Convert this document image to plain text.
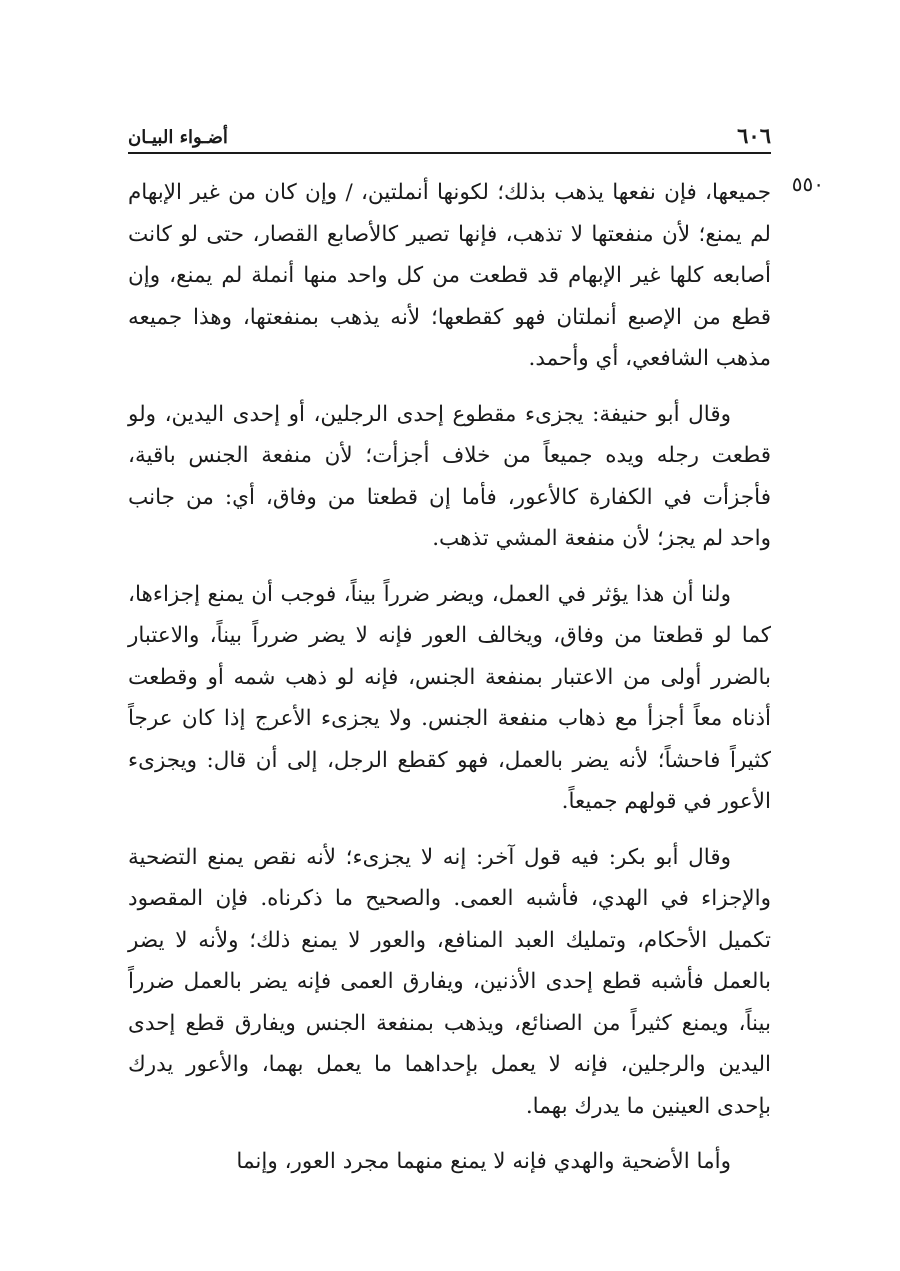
٦٠٦
أضـواء البيـان
٥٥٠

جميعها، فإن نفعها يذهب بذلك؛ لكونها أنملتين، / وإن كان من غير الإبهام لم يمنع؛ لأن منفعتها لا تذهب، فإنها تصير كالأصابع القصار، حتى لو كانت أصابعه كلها غير الإبهام قد قطعت من كل واحد منها أنملة لم يمنع، وإن قطع من الإصبع أنملتان فهو كقطعها؛ لأنه يذهب بمنفعتها، وهذا جميعه مذهب الشافعي، أي وأحمد.

وقال أبو حنيفة: يجزىء مقطوع إحدى الرجلين، أو إحدى اليدين، ولو قطعت رجله ويده جميعاً من خلاف أجزأت؛ لأن منفعة الجنس باقية، فأجزأت في الكفارة كالأعور، فأما إن قطعتا من وفاق، أي: من جانب واحد لم يجز؛ لأن منفعة المشي تذهب.

ولنا أن هذا يؤثر في العمل، ويضر ضرراً بيناً، فوجب أن يمنع إجزاءها، كما لو قطعتا من وفاق، ويخالف العور فإنه لا يضر ضرراً بيناً، والاعتبار بالضرر أولى من الاعتبار بمنفعة الجنس، فإنه لو ذهب شمه أو وقطعت أذناه معاً أجزأ مع ذهاب منفعة الجنس. ولا يجزىء الأعرج إذا كان عرجاً كثيراً فاحشاً؛ لأنه يضر بالعمل، فهو كقطع الرجل، إلى أن قال: ويجزىء الأعور في قولهم جميعاً.

وقال أبو بكر: فيه قول آخر: إنه لا يجزىء؛ لأنه نقص يمنع التضحية والإجزاء في الهدي، فأشبه العمى. والصحيح ما ذكرناه. فإن المقصود تكميل الأحكام، وتمليك العبد المنافع، والعور لا يمنع ذلك؛ ولأنه لا يضر بالعمل فأشبه قطع إحدى الأذنين، ويفارق العمى فإنه يضر بالعمل ضرراً بيناً، ويمنع كثيراً من الصنائع، ويذهب بمنفعة الجنس ويفارق قطع إحدى اليدين والرجلين، فإنه لا يعمل بإحداهما ما يعمل بهما، والأعور يدرك بإحدى العينين ما يدرك بهما.

وأما الأضحية والهدي فإنه لا يمنع منهما مجرد العور، وإنما
